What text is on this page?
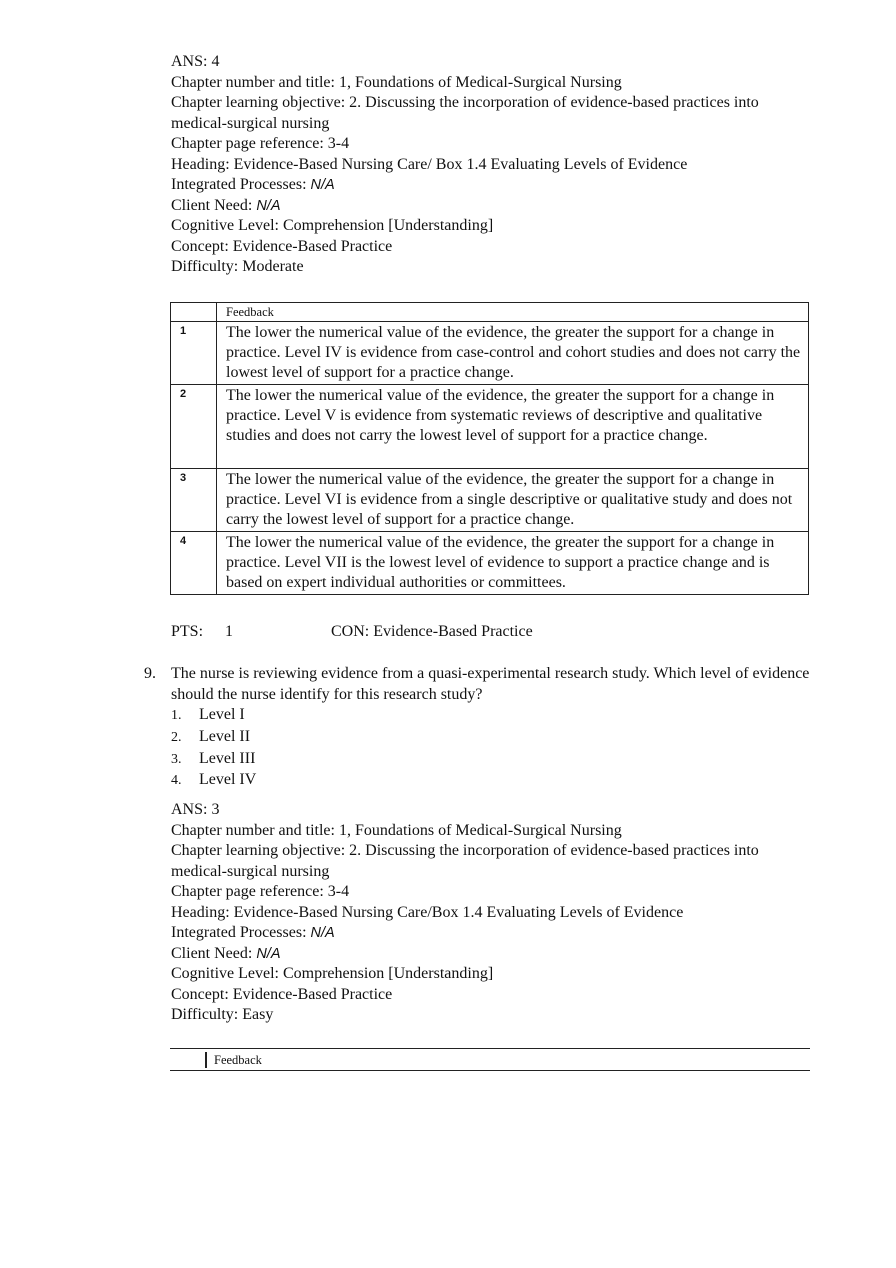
ANS: 4
Chapter number and title: 1, Foundations of Medical-Surgical Nursing
Chapter learning objective: 2. Discussing the incorporation of evidence-based practices into
medical-surgical nursing
Chapter page reference: 3-4
Heading: Evidence-Based Nursing Care/ Box 1.4 Evaluating Levels of Evidence
Integrated Processes: N/A
Client Need: N/A
Cognitive Level: Comprehension [Understanding]
Concept: Evidence-Based Practice
Difficulty: Moderate
	Feedback
1	The lower the numerical value of the evidence, the greater the support for a change in practice. Level IV is evidence from case-control and cohort studies and does not carry the lowest level of support for a practice change.
2	The lower the numerical value of the evidence, the greater the support for a change in practice. Level V is evidence from systematic reviews of descriptive and qualitative studies and does not carry the lowest level of support for a practice change.
3	The lower the numerical value of the evidence, the greater the support for a change in practice. Level VI is evidence from a single descriptive or qualitative study and does not carry the lowest level of support for a practice change.
4	The lower the numerical value of the evidence, the greater the support for a change in practice. Level VII is the lowest level of evidence to support a practice change and is based on expert individual authorities or committees.
PTS: 1	CON: Evidence-Based Practice
9. The nurse is reviewing evidence from a quasi-experimental research study. Which level of evidence should the nurse identify for this research study?
1. Level I
2. Level II
3. Level III
4. Level IV
ANS: 3
Chapter number and title: 1, Foundations of Medical-Surgical Nursing
Chapter learning objective: 2. Discussing the incorporation of evidence-based practices into
medical-surgical nursing
Chapter page reference: 3-4
Heading: Evidence-Based Nursing Care/Box 1.4 Evaluating Levels of Evidence
Integrated Processes: N/A
Client Need: N/A
Cognitive Level: Comprehension [Understanding]
Concept: Evidence-Based Practice
Difficulty: Easy
Feedback
